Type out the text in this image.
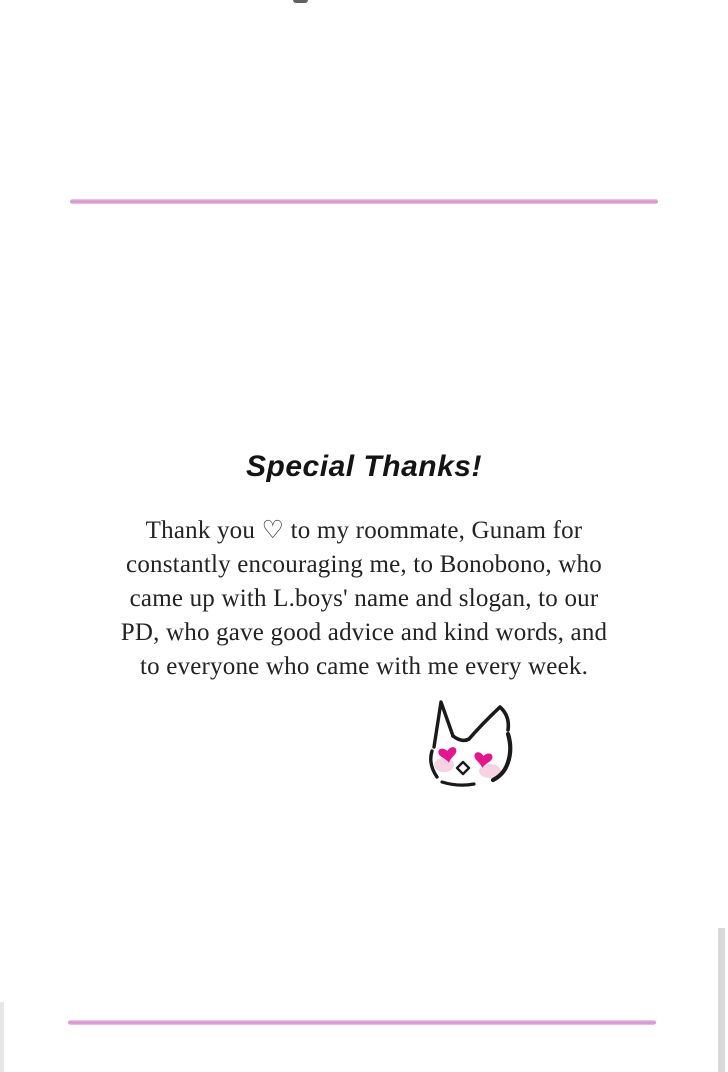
Special Thanks!
Thank you ♡ to my roommate, Gunam for
constantly encouraging me, to Bonobono, who
came up with L.boys' name and slogan, to our
PD, who gave good advice and kind words, and
to everyone who came with me every week.
